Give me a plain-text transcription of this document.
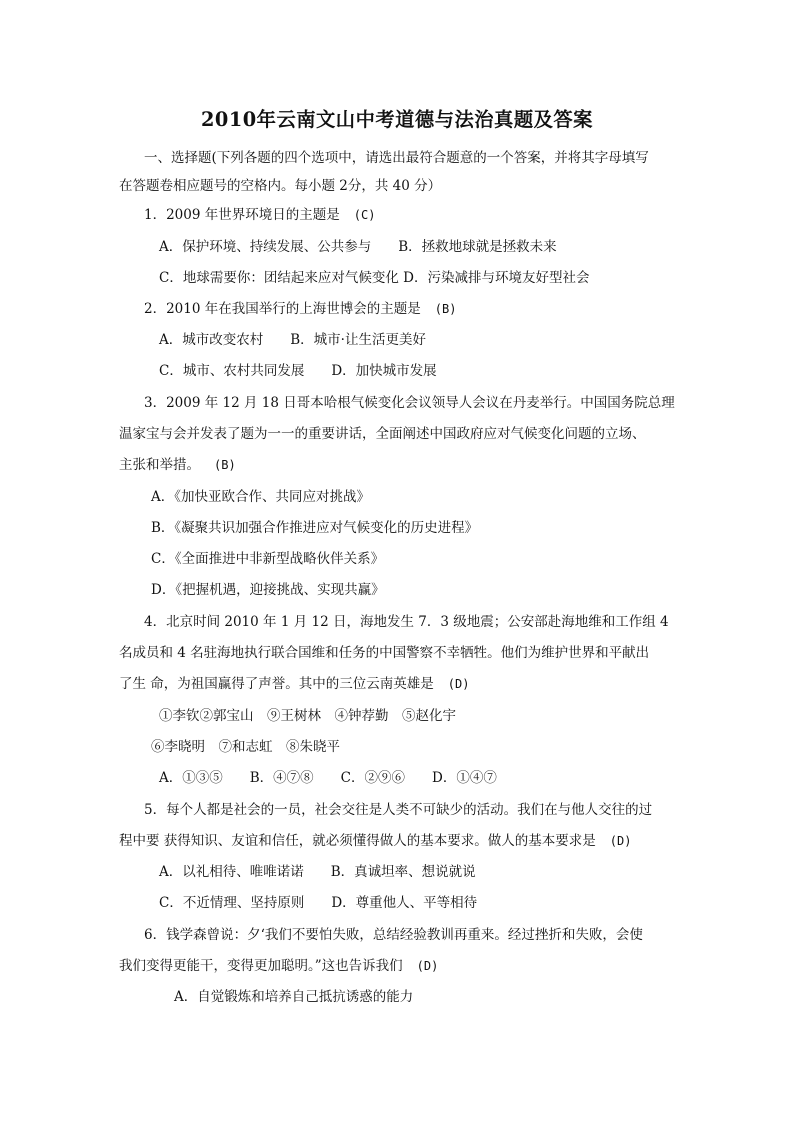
2010年云南文山中考道德与法治真题及答案
一、选择题(下列各题的四个选项中，请选出最符合题意的一个答案，并将其字母填写
在答题卷相应题号的空格内。每小题 2分，共 40 分）
1．2009 年世界环境日的主题是 (C)
A．保护环境、持续发展、公共参与　　B．拯救地球就是拯救未来
C．地球需要你：团结起来应对气候变化 D．污染减排与环境友好型社会
2．2010 年在我国举行的上海世博会的主题是 (B)
A．城市改变农村　　B．城市·让生活更美好
C．城市、农村共同发展　　D．加快城市发展
3．2009 年 12 月 18 日哥本哈根气候变化会议领导人会议在丹麦举行。中国国务院总理
温家宝与会并发表了题为一一的重要讲话，全面阐述中国政府应对气候变化问题的立场、
主张和举措。 (B)
A．《加快亚欧合作、共同应对挑战》
B．《凝聚共识加强合作推进应对气候变化的历史进程》
C．《全面推进中非新型战略伙伴关系》
D．《把握机遇，迎接挑战、实现共赢》
4．北京时间 2010 年 1 月 12 日，海地发生 7．3 级地震；公安部赴海地维和工作组 4
名成员和 4 名驻海地执行联合国维和任务的中国警察不幸牺牲。他们为维护世界和平献出
了生 命，为祖国赢得了声誉。其中的三位云南英雄是 (D)
①李钦②郭宝山　⑨王树林　④钟荐勤　⑤赵化宇
⑥李晓明　⑦和志虹　⑧朱晓平
A．①③⑤　　B．④⑦⑧　　C．②⑨⑥　　D．①④⑦
5．每个人都是社会的一员，社会交往是人类不可缺少的活动。我们在与他人交往的过
程中要 获得知识、友谊和信任，就必须懂得做人的基本要求。做人的基本要求是 (D)
A．以礼相待、唯唯诺诺　　B．真诚坦率、想说就说
C．不近情理、坚持原则　　D．尊重他人、平等相待
6．钱学森曾说：夕‘我们不要怕失败，总结经验教训再重来。经过挫折和失败，会使
我们变得更能干，变得更加聪明。”这也告诉我们 (D)
A．自觉锻炼和培养自己抵抗诱惑的能力
